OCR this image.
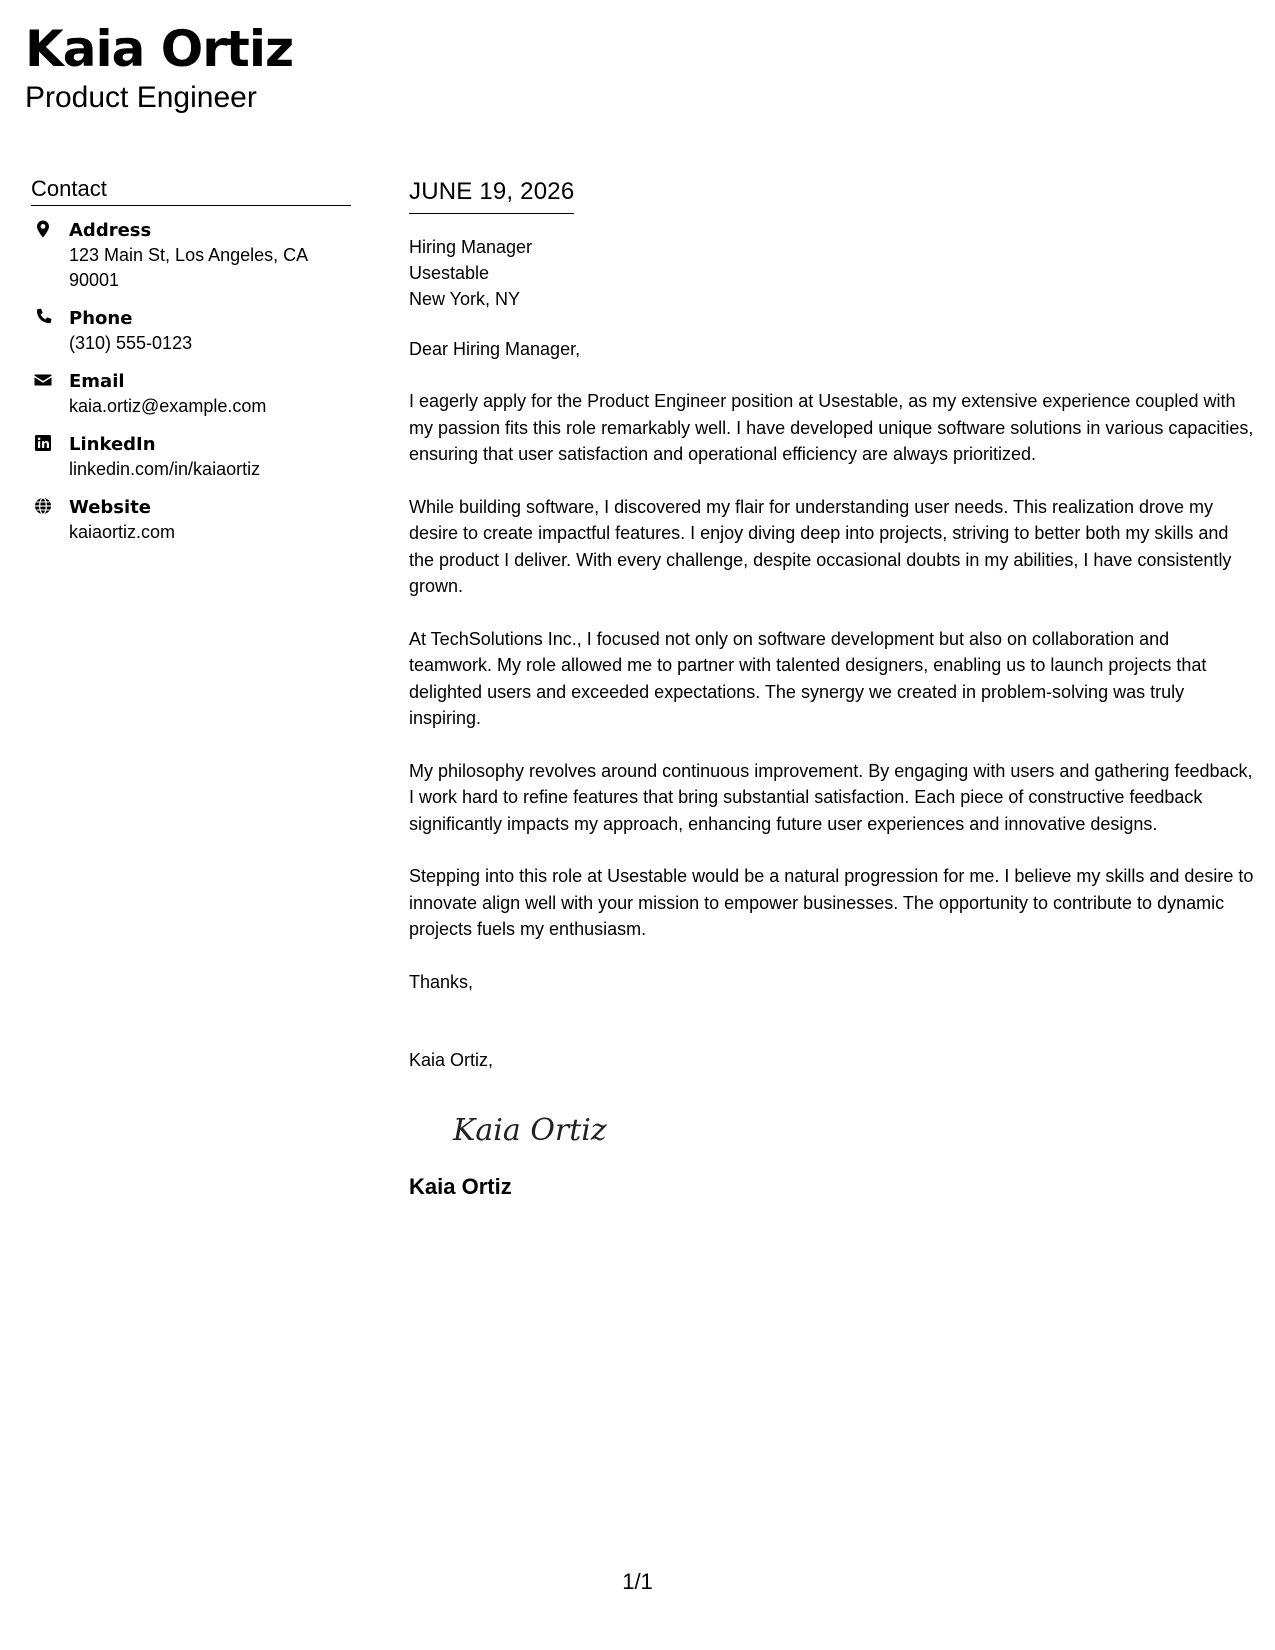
Kaia Ortiz
Product Engineer
Contact
Address
123 Main St, Los Angeles, CA 90001
Phone
(310) 555-0123
Email
kaia.ortiz@example.com
LinkedIn
linkedin.com/in/kaiaortiz
Website
kaiaortiz.com
JUNE 19, 2026
Hiring Manager
Usestable
New York, NY

Dear Hiring Manager,

I eagerly apply for the Product Engineer position at Usestable, as my extensive experience coupled with my passion fits this role remarkably well. I have developed unique software solutions in various capacities, ensuring that user satisfaction and operational efficiency are always prioritized.

While building software, I discovered my flair for understanding user needs. This realization drove my desire to create impactful features. I enjoy diving deep into projects, striving to better both my skills and the product I deliver. With every challenge, despite occasional doubts in my abilities, I have consistently grown.

At TechSolutions Inc., I focused not only on software development but also on collaboration and teamwork. My role allowed me to partner with talented designers, enabling us to launch projects that delighted users and exceeded expectations. The synergy we created in problem-solving was truly inspiring.

My philosophy revolves around continuous improvement. By engaging with users and gathering feedback, I work hard to refine features that bring substantial satisfaction. Each piece of constructive feedback significantly impacts my approach, enhancing future user experiences and innovative designs.

Stepping into this role at Usestable would be a natural progression for me. I believe my skills and desire to innovate align well with your mission to empower businesses. The opportunity to contribute to dynamic projects fuels my enthusiasm.

Thanks,

Kaia Ortiz,

Kaia Ortiz
Kaia Ortiz
1/1
